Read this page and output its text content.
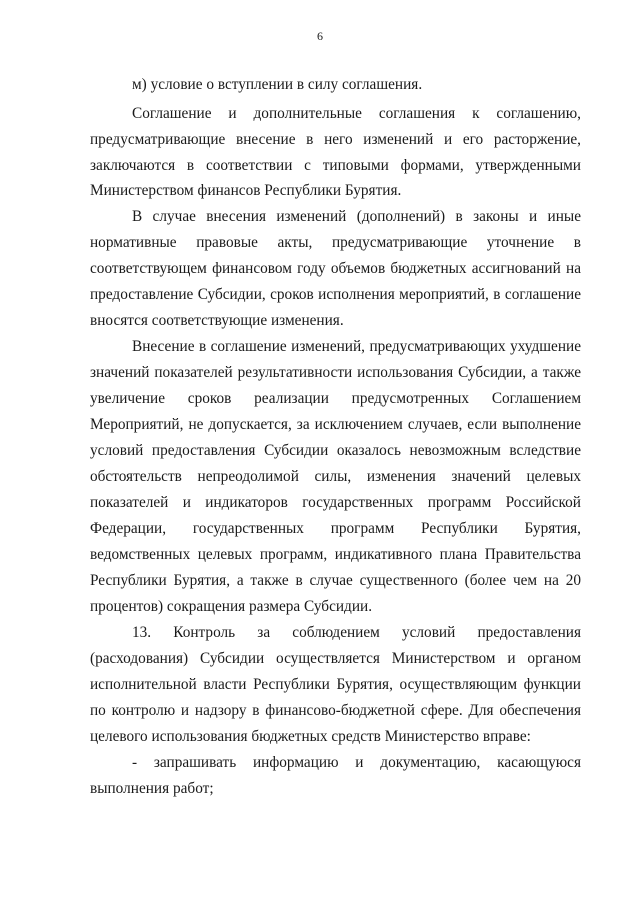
6
м) условие о вступлении в силу соглашения.
Соглашение и дополнительные соглашения к соглашению,
предусматривающие внесение в него изменений и его расторжение,
заключаются в соответствии с типовыми формами, утвержденными
Министерством финансов Республики Бурятия.
В случае внесения изменений (дополнений) в законы и иные
нормативные правовые акты, предусматривающие уточнение в
соответствующем финансовом году объемов бюджетных ассигнований на
предоставление Субсидии, сроков исполнения мероприятий, в соглашение
вносятся соответствующие изменения.
Внесение в соглашение изменений, предусматривающих ухудшение
значений показателей результативности использования Субсидии, а также
увеличение сроков реализации предусмотренных Соглашением
Мероприятий, не допускается, за исключением случаев, если выполнение
условий предоставления Субсидии оказалось невозможным вследствие
обстоятельств непреодолимой силы, изменения значений целевых
показателей и индикаторов государственных программ Российской
Федерации, государственных программ Республики Бурятия,
ведомственных целевых программ, индикативного плана Правительства
Республики Бурятия, а также в случае существенного (более чем на 20
процентов) сокращения размера Субсидии.
13. Контроль за соблюдением условий предоставления
(расходования) Субсидии осуществляется Министерством и органом
исполнительной власти Республики Бурятия, осуществляющим функции
по контролю и надзору в финансово-бюджетной сфере. Для обеспечения
целевого использования бюджетных средств Министерство вправе:
- запрашивать информацию и документацию, касающуюся
выполнения работ;
